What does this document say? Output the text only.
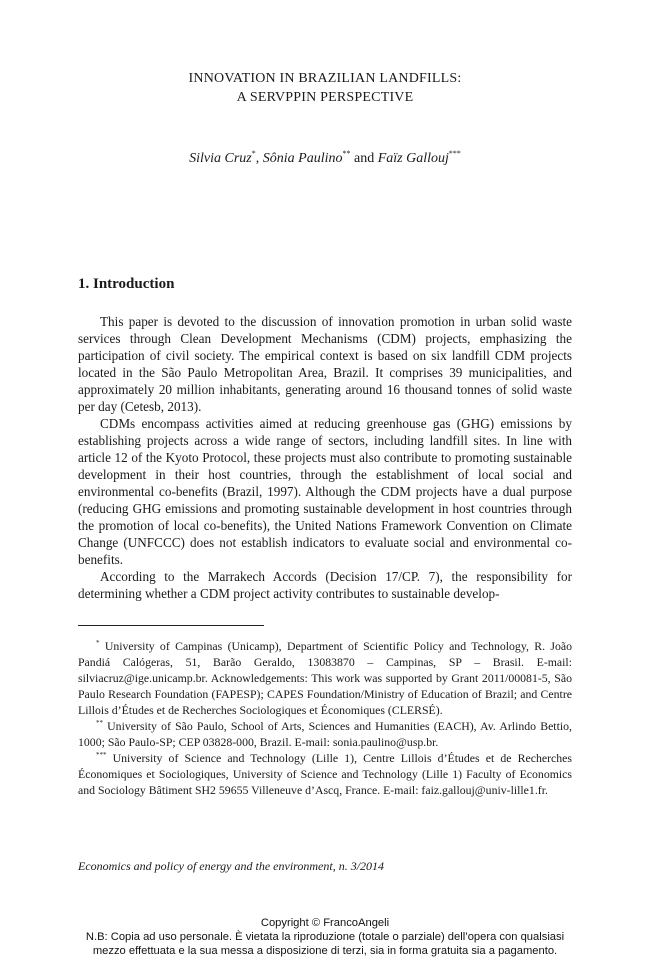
INNOVATION IN BRAZILIAN LANDFILLS:
A SERVPPIN PERSPECTIVE
Silvia Cruz*, Sônia Paulino** and Faïz Gallouj***
1. Introduction

This paper is devoted to the discussion of innovation promotion in urban solid waste services through Clean Development Mechanisms (CDM) projects, emphasizing the participation of civil society. The empirical context is based on six landfill CDM projects located in the São Paulo Metropolitan Area, Brazil. It comprises 39 municipalities, and approximately 20 million inhabitants, generating around 16 thousand tonnes of solid waste per day (Cetesb, 2013).

CDMs encompass activities aimed at reducing greenhouse gas (GHG) emissions by establishing projects across a wide range of sectors, including landfill sites. In line with article 12 of the Kyoto Protocol, these projects must also contribute to promoting sustainable development in their host countries, through the establishment of local social and environmental co-benefits (Brazil, 1997). Although the CDM projects have a dual purpose (reducing GHG emissions and promoting sustainable development in host countries through the promotion of local co-benefits), the United Nations Framework Convention on Climate Change (UNFCCC) does not establish indicators to evaluate social and environmental co-benefits.

According to the Marrakech Accords (Decision 17/CP. 7), the responsibility for determining whether a CDM project activity contributes to sustainable develop-

* University of Campinas (Unicamp), Department of Scientific Policy and Technology, R. João Pandiá Calógeras, 51, Barão Geraldo, 13083870 – Campinas, SP – Brasil. E-mail: silviacruz@ige.unicamp.br. Acknowledgements: This work was supported by Grant 2011/00081-5, São Paulo Research Foundation (FAPESP); CAPES Foundation/Ministry of Education of Brazil; and Centre Lillois d’Études et de Recherches Sociologiques et Économiques (CLERSÉ).

** University of São Paulo, School of Arts, Sciences and Humanities (EACH), Av. Arlindo Bettio, 1000; São Paulo-SP; CEP 03828-000, Brazil. E-mail: sonia.paulino@usp.br.

*** University of Science and Technology (Lille 1), Centre Lillois d’Études et de Recherches Économiques et Sociologiques, University of Science and Technology (Lille 1) Faculty of Economics and Sociology Bâtiment SH2 59655 Villeneuve d’Ascq, France. E-mail: faiz.gallouj@univ-lille1.fr.

Economics and policy of energy and the environment, n. 3/2014
Copyright © FrancoAngeli
N.B: Copia ad uso personale. È vietata la riproduzione (totale o parziale) dell’opera con qualsiasi
mezzo effettuata e la sua messa a disposizione di terzi, sia in forma gratuita sia a pagamento.
